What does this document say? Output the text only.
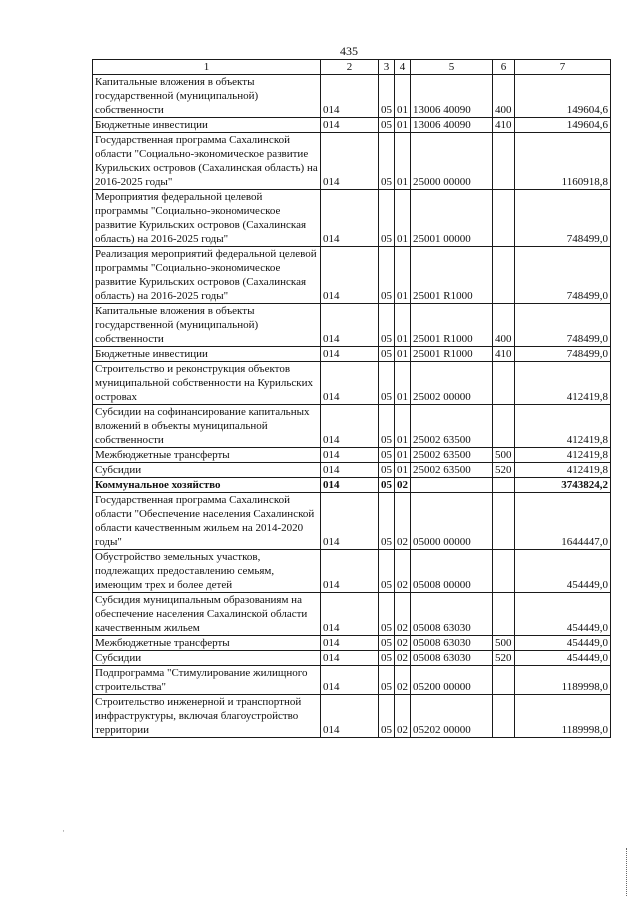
435
1	2	3	4	5	6	7
Капитальные вложения в объекты государственной (муниципальной) собственности	014	05	01	13006 40090	400	149604,6
Бюджетные инвестиции	014	05	01	13006 40090	410	149604,6
Государственная программа Сахалинской области "Социально-экономическое развитие Курильских островов (Сахалинская область) на 2016-2025 годы"	014	05	01	25000 00000		1160918,8
Мероприятия федеральной целевой программы "Социально-экономическое развитие Курильских островов (Сахалинская область) на 2016-2025 годы"	014	05	01	25001 00000		748499,0
Реализация мероприятий федеральной целевой программы "Социально-экономическое развитие Курильских островов (Сахалинская область) на 2016-2025 годы"	014	05	01	25001 R1000		748499,0
Капитальные вложения в объекты государственной (муниципальной) собственности	014	05	01	25001 R1000	400	748499,0
Бюджетные инвестиции	014	05	01	25001 R1000	410	748499,0
Строительство и реконструкция объектов муниципальной собственности на Курильских островах	014	05	01	25002 00000		412419,8
Субсидии на софинансирование капитальных вложений в объекты муниципальной собственности	014	05	01	25002 63500		412419,8
Межбюджетные трансферты	014	05	01	25002 63500	500	412419,8
Субсидии	014	05	01	25002 63500	520	412419,8
Коммунальное хозяйство	014	05	02			3743824,2
Государственная программа Сахалинской области "Обеспечение населения Сахалинской области качественным жильем на 2014-2020 годы"	014	05	02	05000 00000		1644447,0
Обустройство земельных участков, подлежащих предоставлению семьям, имеющим трех и более детей	014	05	02	05008 00000		454449,0
Субсидия муниципальным образованиям на обеспечение населения Сахалинской области качественным жильем	014	05	02	05008 63030		454449,0
Межбюджетные трансферты	014	05	02	05008 63030	500	454449,0
Субсидии	014	05	02	05008 63030	520	454449,0
Подпрограмма "Стимулирование жилищного строительства"	014	05	02	05200 00000		1189998,0
Строительство инженерной и транспортной инфраструктуры, включая благоустройство территории	014	05	02	05202 00000		1189998,0
·
